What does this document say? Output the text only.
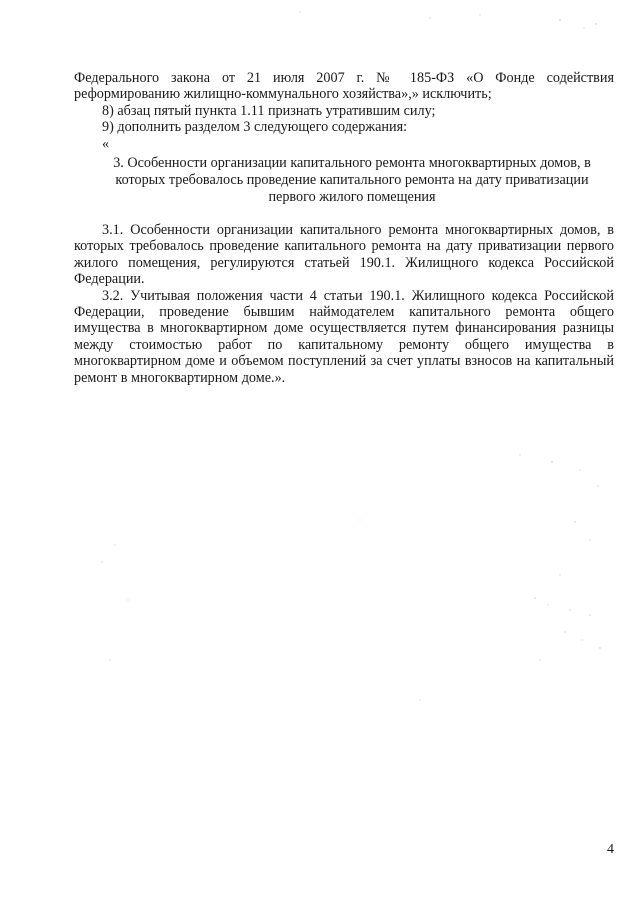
Федерального закона от 21 июля 2007 г. № 185-ФЗ «О Фонде содействия реформированию жилищно-коммунального хозяйства»,» исключить;

8) абзац пятый пункта 1.11 признать утратившим силу;

9) дополнить разделом 3 следующего содержания:

«

3. Особенности организации капитального ремонта многоквартирных домов, в которых требовалось проведение капитального ремонта на дату приватизации первого жилого помещения

3.1. Особенности организации капитального ремонта многоквартирных домов, в которых требовалось проведение капитального ремонта на дату приватизации первого жилого помещения, регулируются статьей 190.1. Жилищного кодекса Российской Федерации.

3.2. Учитывая положения части 4 статьи 190.1. Жилищного кодекса Российской Федерации, проведение бывшим наймодателем капитального ремонта общего имущества в многоквартирном доме осуществляется путем финансирования разницы между стоимостью работ по капитальному ремонту общего имущества в многоквартирном доме и объемом поступлений за счет уплаты взносов на капитальный ремонт в многоквартирном доме.».

4
